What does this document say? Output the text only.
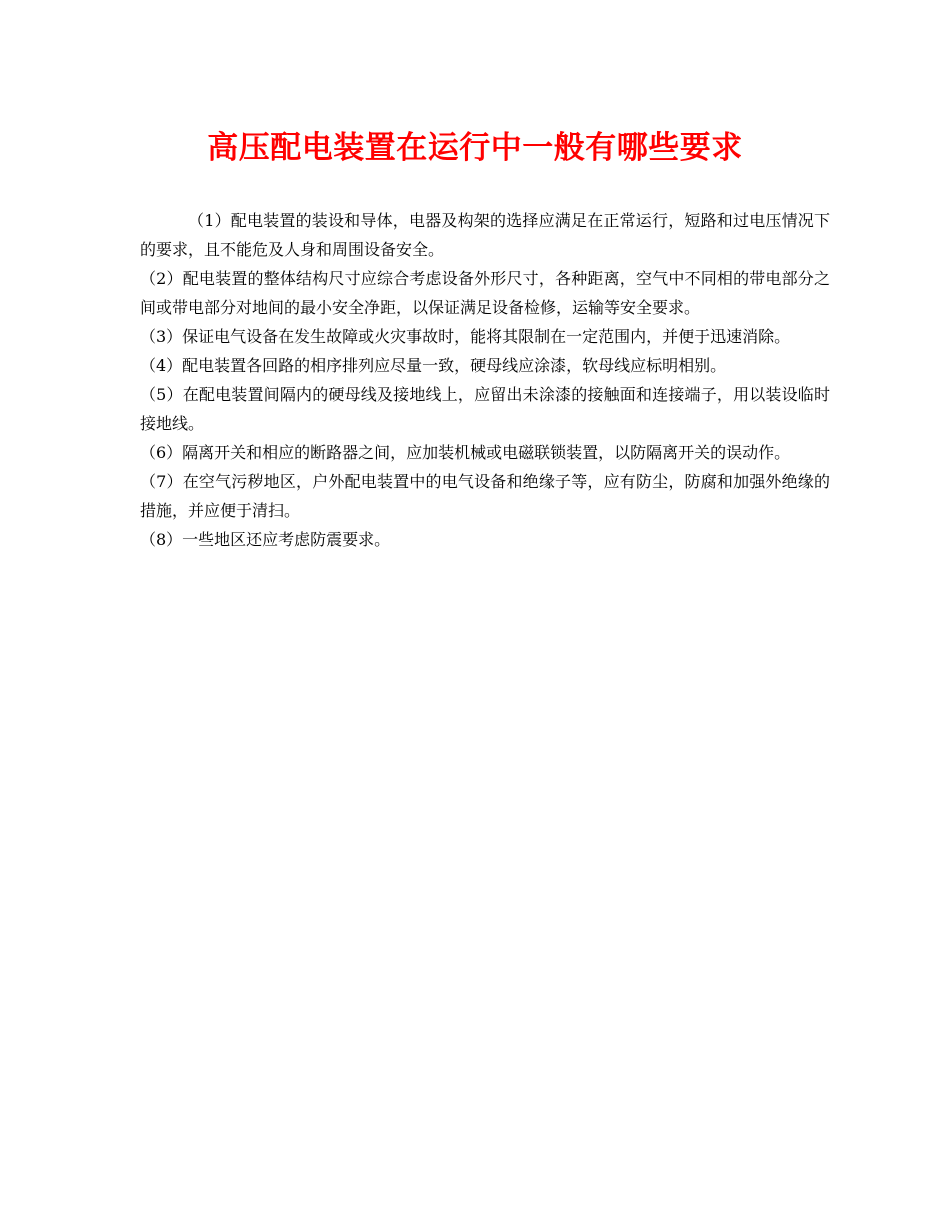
高压配电装置在运行中一般有哪些要求

（1）配电装置的装设和导体，电器及构架的选择应满足在正常运行，短路和过电压情况下的要求，且不能危及人身和周围设备安全。

（2）配电装置的整体结构尺寸应综合考虑设备外形尺寸，各种距离，空气中不同相的带电部分之间或带电部分对地间的最小安全净距，以保证满足设备检修，运输等安全要求。

（3）保证电气设备在发生故障或火灾事故时，能将其限制在一定范围内，并便于迅速消除。

（4）配电装置各回路的相序排列应尽量一致，硬母线应涂漆，软母线应标明相别。

（5）在配电装置间隔内的硬母线及接地线上，应留出未涂漆的接触面和连接端子，用以装设临时接地线。

（6）隔离开关和相应的断路器之间，应加装机械或电磁联锁装置，以防隔离开关的误动作。

（7）在空气污秽地区，户外配电装置中的电气设备和绝缘子等，应有防尘，防腐和加强外绝缘的措施，并应便于清扫。

（8）一些地区还应考虑防震要求。
